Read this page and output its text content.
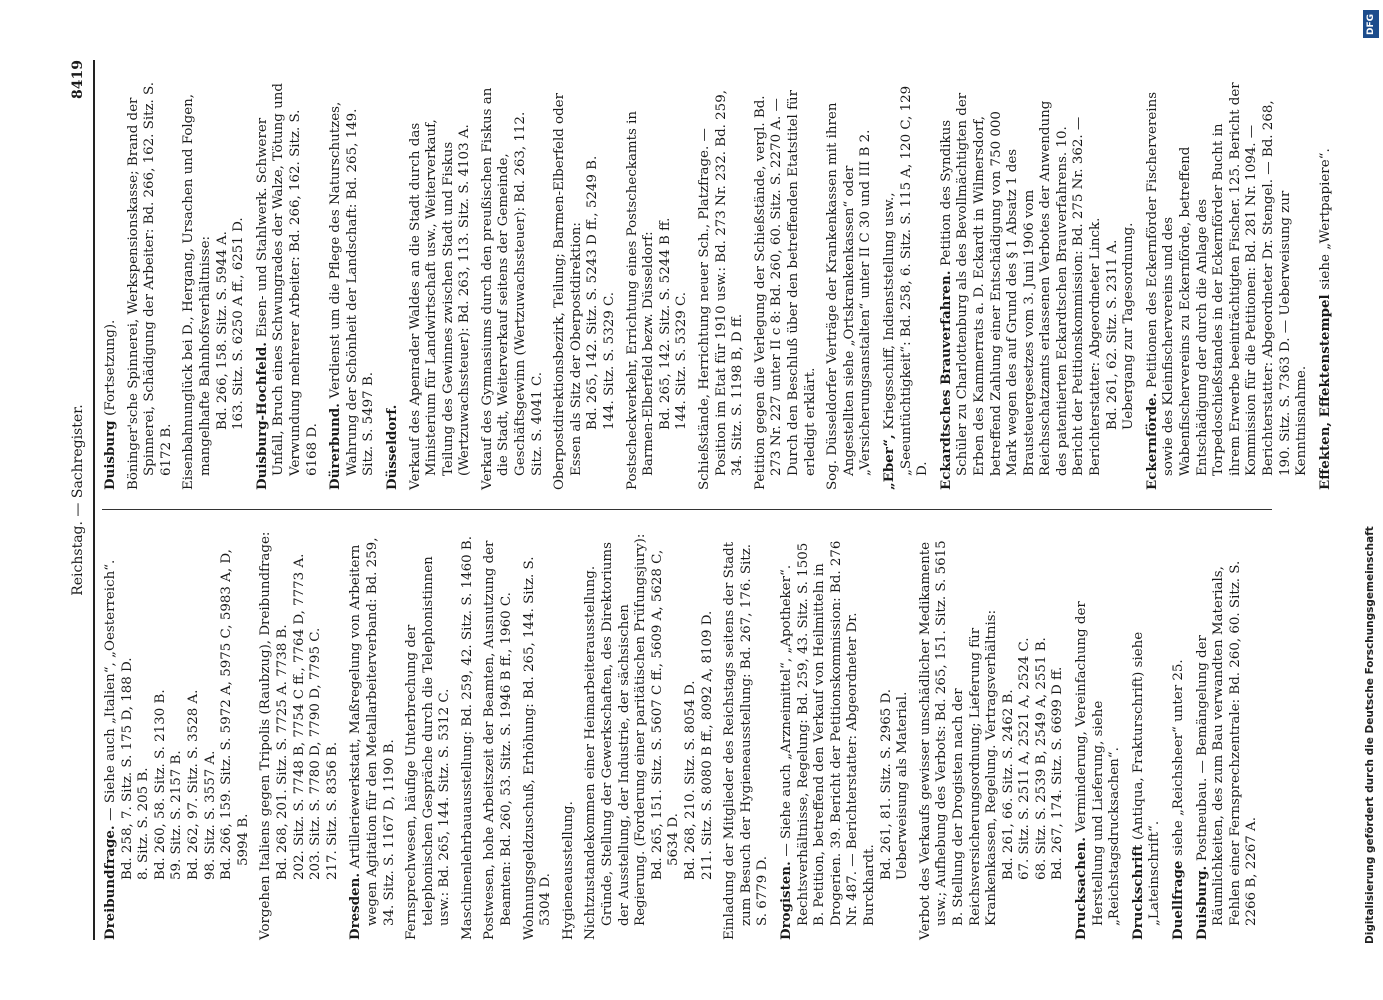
Reichstag. — Sachregister.
8419
Dreibundfrage. — Siehe auch „Italien“, „Oesterreich“. Bd. 258, 7. Sitz. S. 175 D, 188 D. 8. Sitz. S. 205 B. Bd. 260, 58. Sitz. S. 2130 B. 59. Sitz. S. 2157 B. Bd. 262, 97. Sitz. S. 3528 A. 98. Sitz. S. 3557 A. Bd. 266, 159. Sitz. S. 5972 A, 5975 C, 5983 A, D, 5994 B. Vorgehen Italiens gegen Tripolis (Raubzug), Dreibundfrage: Bd. 268, 201. Sitz. S. 7725 A. 7738 B. 202. Sitz. S. 7748 B, 7754 C ff., 7764 D, 7773 A. 203. Sitz. S. 7780 D, 7790 D, 7795 C. 217. Sitz. S. 8356 B.
Dresden. Artilleriewerkstatt, Maßregelung von Arbeitern wegen Agitation für den Metallarbeiterverband: Bd. 259, 34. Sitz. S. 1167 D, 1190 B. Fernsprechwesen, häufige Unterbrechung der telephonischen Gespräche durch die Telephonistinnen usw.: Bd. 265, 144. Sitz. S. 5312 C. Maschinenlehrbauausstellung: Bd. 259, 42. Sitz. S. 1460 B. Postwesen, hohe Arbeitszeit der Beamten, Ausnutzung der Beamten: Bd. 260, 53. Sitz. S. 1946 B ff., 1960 C. Wohnungsgeldzuschuß, Erhöhung: Bd. 265, 144. Sitz. S. 5304 D. Hygieneausstellung. Nichtzustandekommen einer Heimarbeiterausstellung. Gründe, Stellung der Gewerkschaften, des Direktoriums der Ausstellung, der Industrie, der sächsischen Regierung. (Forderung einer paritätischen Prüfungsjury): Bd. 265, 151. Sitz. S. 5607 C ff., 5609 A, 5628 C, 5634 D. Bd. 268, 210. Sitz. S. 8054 D. 211. Sitz. S. 8080 B ff., 8092 A, 8109 D. Einladung der Mitglieder des Reichstags seitens der Stadt zum Besuch der Hygieneausstellung: Bd. 267, 176. Sitz. S. 6779 D. Drogisten. — Siehe auch „Arzneimittel“, „Apotheker“. Rechtsverhältnisse, Regelung: Bd. 259, 43. Sitz. S. 1505 B. Petition, betreffend den Verkauf von Heilmitteln in Drogerien. 39. Bericht der Petitionskommission: Bd. 276 Nr. 487. — Berichterstatter: Abgeordneter Dr. Burckhardt.
Bd. 261, 81. Sitz. S. 2965 D. Ueberweisung als Material. Verbot des Verkaufs gewisser unschädlicher Medikamente usw.; Aufhebung des Verbots: Bd. 265, 151. Sitz. S. 5615 B. Stellung der Drogisten nach der Reichsversicherungsordnung; Lieferung für Krankenkassen, Regelung. Vertragsverhältnis: Bd. 261, 66. Sitz. S. 2462 B. 67. Sitz. S. 2511 A, 2521 A, 2524 C. 68. Sitz. S. 2539 B, 2549 A, 2551 B. Bd. 267, 174. Sitz. S. 6699 D ff.
Drucksachen. Verminderung, Vereinfachung der Herstellung und Lieferung, siehe „Reichstagsdrucksachen“. Druckschrift (Antiqua, Frakturschrift) siehe „Lateinschrift“. Duellfrage siehe „Reichsheer“ unter 25.
Duisburg. Postneubau. — Bemängelung der Räumlichkeiten, des zum Bau verwandten Materials, Fehlen einer Fernsprechzentrale: Bd. 260, 60. Sitz. S. 2266 B, 2267 A.
Duisburg (Fortsetzung). Böninger'sche Spinnerei, Werkspensionskasse; Brand der Spinnerei, Schädigung der Arbeiter: Bd. 266, 162. Sitz. S. 6172 B. Eisenbahnunglück bei D., Hergang, Ursachen und Folgen, mangelhafte Bahnhofsverhältnisse: Bd. 266, 158. Sitz. S. 5944 A. 163. Sitz. S. 6250 A ff., 6251 D. Duisburg-Hochfeld. Eisen- und Stahlwerk. Schwerer Unfall, Bruch eines Schwungrades der Walze, Tötung und Verwundung mehrerer Arbeiter: Bd. 266, 162. Sitz. S. 6168 D. Dürerbund. Verdienst um die Pflege des Naturschutzes, Wahrung der Schönheit der Landschaft: Bd. 265, 149. Sitz. S. 5497 B. Düsseldorf. Verkauf des Apenrader Waldes an die Stadt durch das Ministerium für Landwirtschaft usw., Weiterverkauf, Teilung des Gewinnes zwischen Stadt und Fiskus (Wertzuwachssteuer): Bd. 263, 113. Sitz. S. 4103 A. Verkauf des Gymnasiums durch den preußischen Fiskus an die Stadt, Weiterverkauf seitens der Gemeinde, Geschäftsgewinn (Wertzuwachssteuer): Bd. 263, 112. Sitz. S. 4041 C. Oberpostdirektionsbezirk, Teilung; Barmen-Elberfeld oder Essen als Sitz der Oberpostdirektion: Bd. 265, 142. Sitz. S. 5243 D ff., 5249 B. 144. Sitz. S. 5329 C. Postscheckverkehr, Errichtung eines Postscheckamts in Barmen-Elberfeld bezw. Düsseldorf: Bd. 265, 142. Sitz. S. 5244 B ff. 144. Sitz. S. 5329 C. Schießstände, Herrichtung neuer Sch., Platzfrage. — Position im Etat für 1910 usw.: Bd. 273 Nr. 232. Bd. 259, 34. Sitz. S. 1198 B, D ff. Petition gegen die Verlegung der Schießstände, vergl. Bd. 273 Nr. 227 unter II c 8: Bd. 260, 60. Sitz. S. 2270 A. — Durch den Beschluß über den betreffenden Etatstitel für erledigt erklärt. Sog. Düsseldorfer Verträge der Krankenkassen mit ihren Angestellten siehe „Ortskrankenkassen“ oder „Versicherungsanstalten“ unter II C 30 und III B 2. „Eber“, Kriegsschiff, Indienststellung usw., „Seeuntüchtigkeit“: Bd. 258, 6. Sitz. S. 115 A, 120 C, 129 D. Eckardtsches Brauverfahren. Petition des Syndikus Schüler zu Charlottenburg als des Bevollmächtigten der Erben des Kammerrats a. D. Eckardt in Wilmersdorf, betreffend Zahlung einer Entschädigung von 750 000 Mark wegen des auf Grund des § 1 Absatz 1 des Brausteuergesetzes vom 3. Juni 1906 vom Reichsschatzamts erlassenen Verbotes der Anwendung des patentierten Eckardtschen Brauverfahrens. 10. Bericht der Petitionskommission: Bd. 275 Nr. 362. — Berichterstatter: Abgeordneter Linck. Bd. 261, 62. Sitz. S. 2311 A. Uebergang zur Tagesordnung.
Eckernförde. Petitionen des Eckernförder Fischervereins sowie des Kleinfischervereins und des Wabenfischervereins zu Eckernförde, betreffend Entschädigung der durch die Anlage des Torpedoschießstandes in der Eckernförder Bucht in ihrem Erwerbe beeinträchtigten Fischer. 125. Bericht der Kommission für die Petitionen: Bd. 281 Nr. 1094. — Berichterstatter: Abgeordneter Dr. Stengel. — Bd. 268, 190. Sitz. S. 7363 D. — Ueberweisung zur Kenntnisnahme. Effekten, Effektenstempel siehe „Wertpapiere“.
DFG
Digitalisierung gefördert durch die Deutsche Forschungsgemeinschaft
